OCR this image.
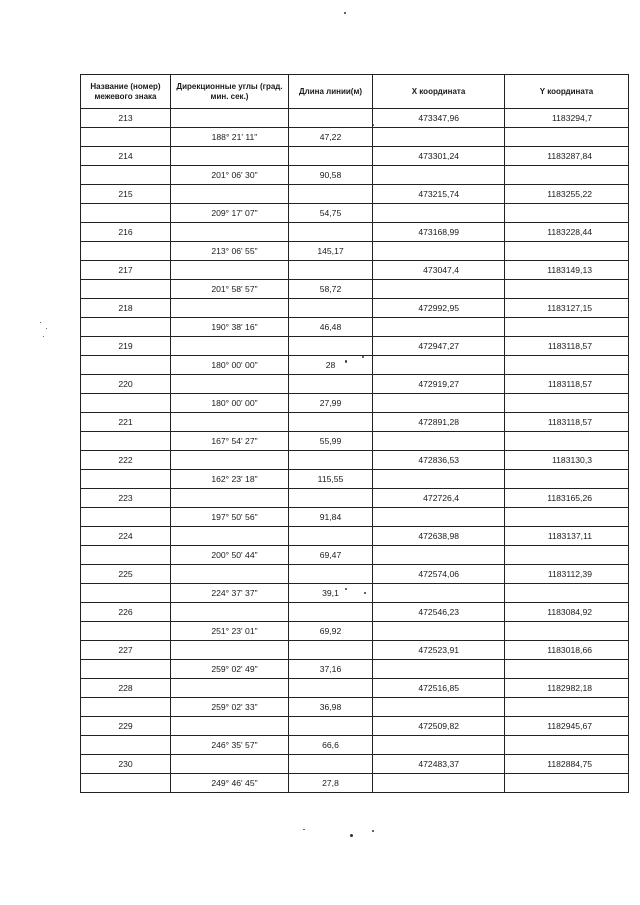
Название (номер) межевого знака	Дирекционные углы (град. мин. сек.)	Длина линии(м)	X координата	Y координата
213			473347,96	1183294,7
	188° 21' 11"	47,22		
214			473301,24	1183287,84
	201° 06' 30"	90,58		
215			473215,74	1183255,22
	209° 17' 07"	54,75		
216			473168,99	1183228,44
	213° 06' 55"	145,17		
217			473047,4	1183149,13
	201° 58' 57"	58,72		
218			472992,95	1183127,15
	190° 38' 16"	46,48		
219			472947,27	1183118,57
	180° 00' 00"	28		
220			472919,27	1183118,57
	180° 00' 00"	27,99		
221			472891,28	1183118,57
	167° 54' 27"	55,99		
222			472836,53	1183130,3
	162° 23' 18"	115,55		
223			472726,4	1183165,26
	197° 50' 56"	91,84		
224			472638,98	1183137,11
	200° 50' 44"	69,47		
225			472574,06	1183112,39
	224° 37' 37"	39,1		
226			472546,23	1183084,92
	251° 23' 01"	69,92		
227			472523,91	1183018,66
	259° 02' 49"	37,16		
228			472516,85	1182982,18
	259° 02' 33"	36,98		
229			472509,82	1182945,67
	246° 35' 57"	66,6		
230			472483,37	1182884,75
	249° 46' 45"	27,8		
